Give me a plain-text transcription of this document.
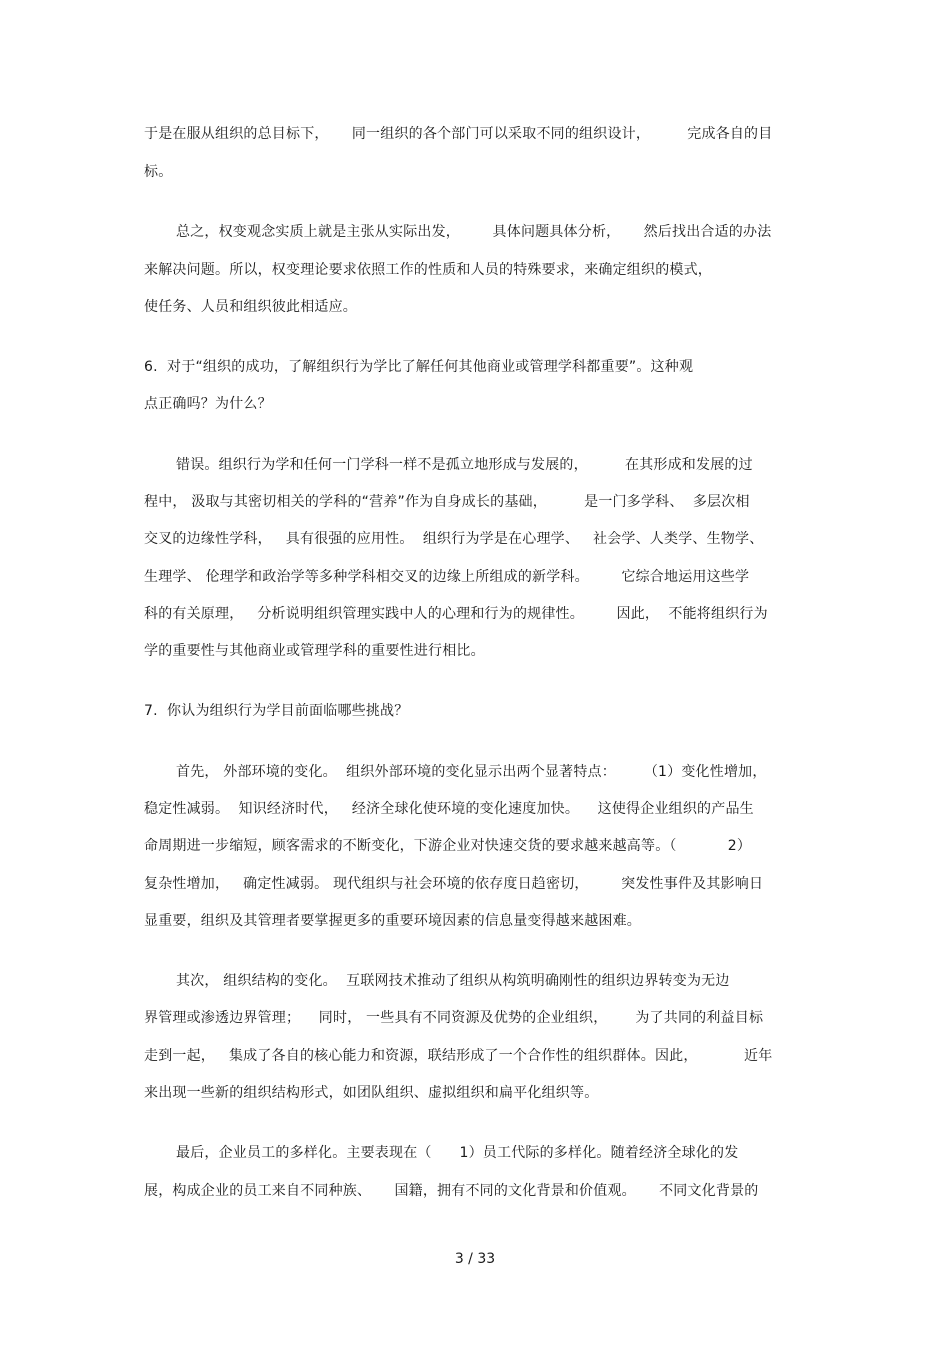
于是在服从组织的总目标下，     同一组织的各个部门可以采取不同的组织设计，        完成各自的目
标。
总之，权变观念实质上就是主张从实际出发，       具体问题具体分析，     然后找出合适的办法
来解决问题。所以，权变理论要求依照工作的性质和人员的特殊要求，来确定组织的模式，
使任务、人员和组织彼此相适应。
6.  对于“组织的成功，了解组织行为学比了解任何其他商业或管理学科都重要”。这种观
点正确吗？为什么？
错误。组织行为学和任何一门学科一样不是孤立地形成与发展的，        在其形成和发展的过
程中， 汲取与其密切相关的学科的“营养”作为自身成长的基础，        是一门多学科、  多层次相
交叉的边缘性学科，   具有很强的应用性。  组织行为学是在心理学、   社会学、人类学、生物学、
生理学、 伦理学和政治学等多种学科相交叉的边缘上所组成的新学科。       它综合地运用这些学
科的有关原理，   分析说明组织管理实践中人的心理和行为的规律性。       因此，  不能将组织行为
学的重要性与其他商业或管理学科的重要性进行相比。
7.  你认为组织行为学目前面临哪些挑战？
首先， 外部环境的变化。  组织外部环境的变化显示出两个显著特点：      （1）变化性增加，
稳定性减弱。  知识经济时代，   经济全球化使环境的变化速度加快。    这使得企业组织的产品生
命周期进一步缩短，顾客需求的不断变化，下游企业对快速交货的要求越来越高等。（           2）
复杂性增加，   确定性减弱。 现代组织与社会环境的依存度日趋密切，       突发性事件及其影响日
显重要，组织及其管理者要掌握更多的重要环境因素的信息量变得越来越困难。
其次， 组织结构的变化。  互联网技术推动了组织从构筑明确刚性的组织边界转变为无边
界管理或渗透边界管理；    同时， 一些具有不同资源及优势的企业组织，      为了共同的利益目标
走到一起，   集成了各自的核心能力和资源，联结形成了一个合作性的组织群体。因此，          近年
来出现一些新的组织结构形式，如团队组织、虚拟组织和扁平化组织等。
最后，企业员工的多样化。主要表现在（      1）员工代际的多样化。随着经济全球化的发
展，构成企业的员工来自不同种族、     国籍，拥有不同的文化背景和价值观。     不同文化背景的
3 / 33
